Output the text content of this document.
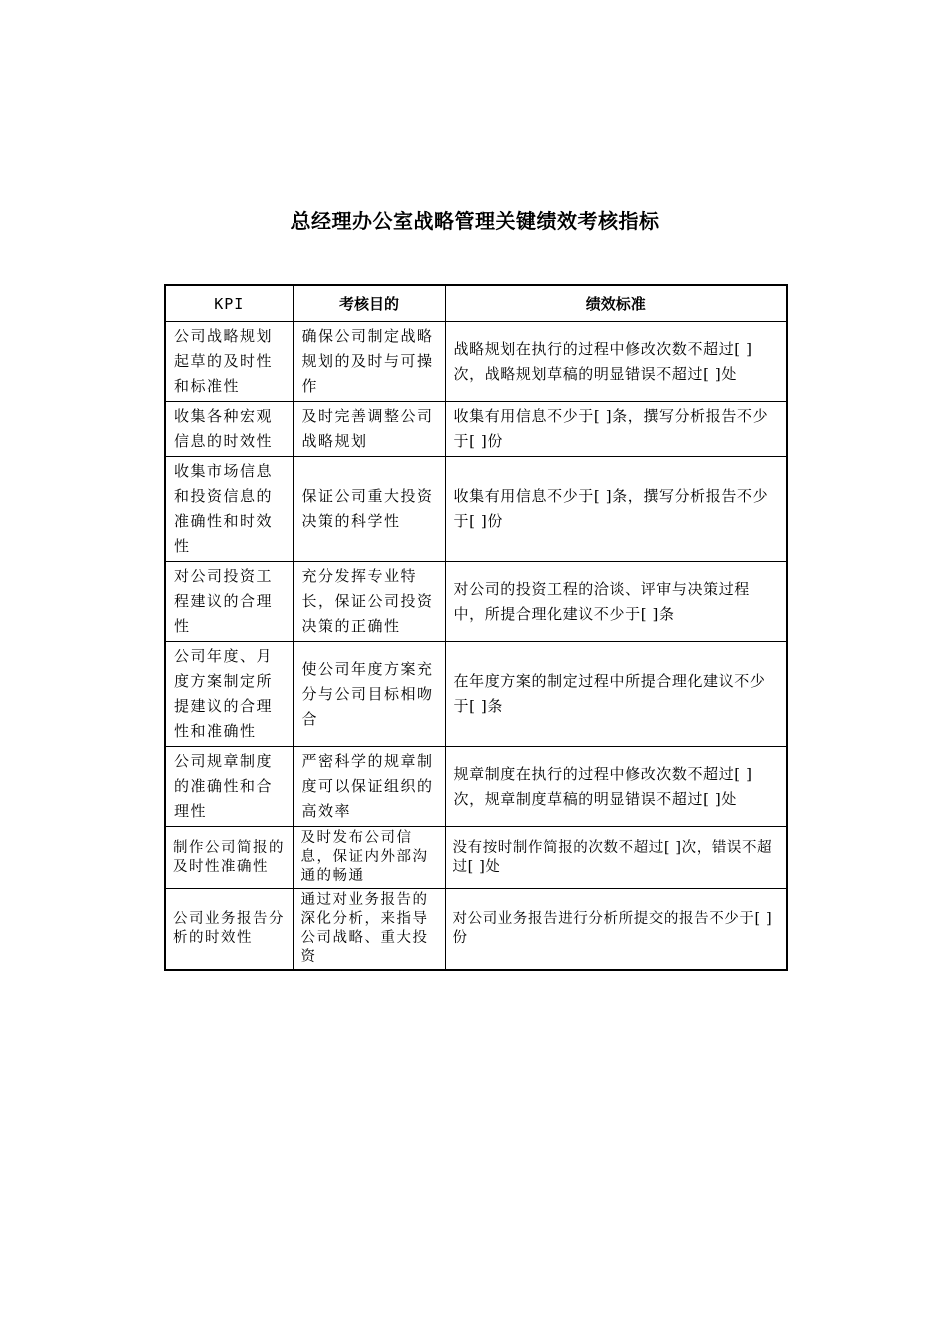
总经理办公室战略管理关键绩效考核指标
KPI	考核目的	绩效标准
公司战略规划起草的及时性和标准性	确保公司制定战略规划的及时与可操作	战略规划在执行的过程中修改次数不超过[ ]次，战略规划草稿的明显错误不超过[ ]处
收集各种宏观信息的时效性	及时完善调整公司战略规划	收集有用信息不少于[ ]条，撰写分析报告不少于[ ]份
收集市场信息和投资信息的准确性和时效性	保证公司重大投资决策的科学性	收集有用信息不少于[ ]条，撰写分析报告不少于[ ]份
对公司投资工程建议的合理性	充分发挥专业特长，保证公司投资决策的正确性	对公司的投资工程的洽谈、评审与决策过程中，所提合理化建议不少于[ ]条
公司年度、月度方案制定所提建议的合理性和准确性	使公司年度方案充分与公司目标相吻合	在年度方案的制定过程中所提合理化建议不少于[ ]条
公司规章制度的准确性和合理性	严密科学的规章制度可以保证组织的高效率	规章制度在执行的过程中修改次数不超过[ ]次，规章制度草稿的明显错误不超过[ ]处
制作公司简报的及时性准确性	及时发布公司信息，保证内外部沟通的畅通	没有按时制作简报的次数不超过[ ]次，错误不超过[ ]处
公司业务报告分析的时效性	通过对业务报告的深化分析，来指导公司战略、重大投资	对公司业务报告进行分析所提交的报告不少于[ ]份
